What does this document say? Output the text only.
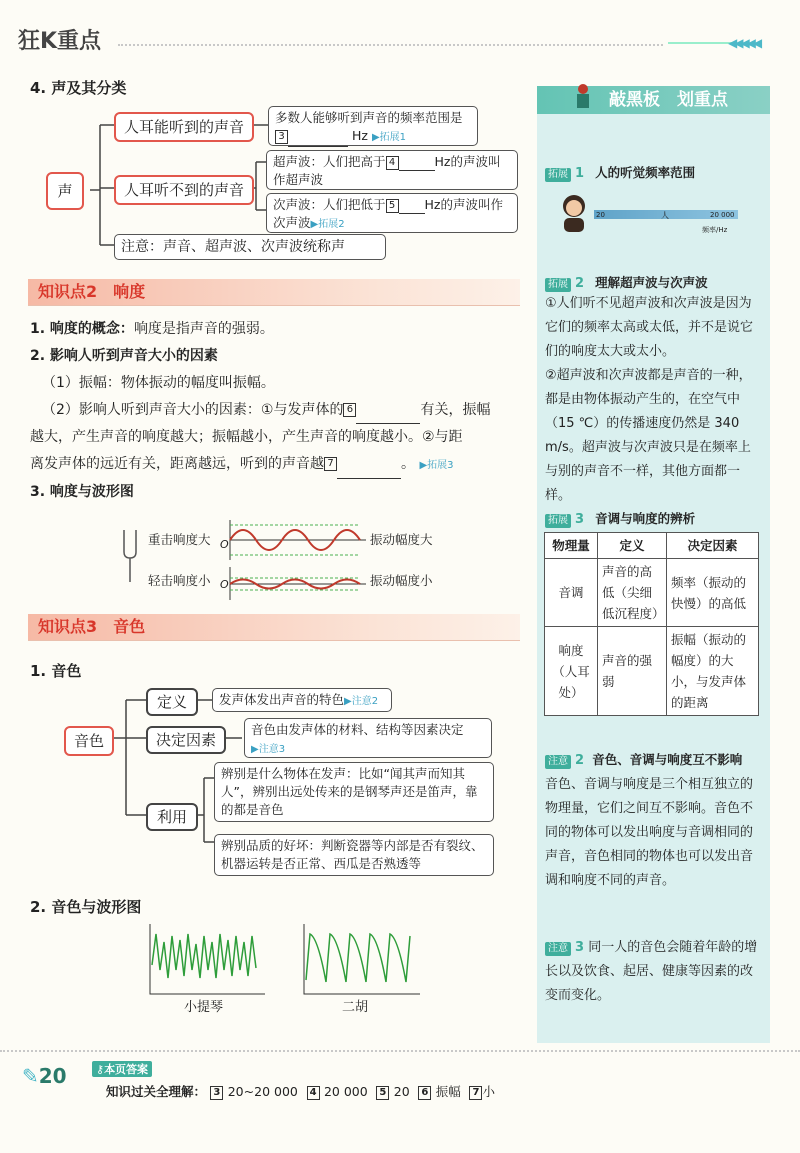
狂K重点	◀◀◀◀◀
4. 声及其分类
声
人耳能听到的声音
多数人能够听到声音的频率范围是
3	Hz ▶拓展1
人耳听不到的声音
超声波：人们把高于 4	Hz的声波叫作超声波
次声波：人们把低于 5 Hz的声波叫作次声波▶拓展2
注意：声音、超声波、次声波统称声
知识点2　响度
1. 响度的概念：响度是指声音的强弱。
2. 影响人听到声音大小的因素
（1）振幅：物体振动的幅度叫振幅。
（2）影响人听到声音大小的因素：①与发声体的 6	有关，振幅
越大，产生声音的响度越大；振幅越小，产生声音的响度越小。②与距
离发声体的远近有关，距离越远，听到的声音越 7	。 ▶拓展3
3. 响度与波形图
重击响度大
轻击响度小
振动幅度大
振动幅度小
O
O
知识点3　音色
1. 音色
音色
定义	发声体发出声音的特色▶注意2
决定因素
音色由发声体的材料、结构等因素决定
▶注意3
利用
辨别是什么物体在发声：比如“闻其声而知其人”，辨别出远处传来的是钢琴声还是笛声，靠的都是音色
辨别品质的好坏：判断瓷器等内部是否有裂纹、机器运转是否正常、西瓜是否熟透等
2. 音色与波形图
小提琴	二胡
敲黑板　划重点
拓展 1 人的听觉频率范围
20	人	20 000
频率/Hz
拓展 2 理解超声波与次声波
①人们听不见超声波和次声波是因为它们的频率太高或太低，并不是说它们的响度太大或太小。
②超声波和次声波都是声音的一种，都是由物体振动产生的，在空气中（15 ℃）的传播速度仍然是 340 m/s。超声波与次声波只是在频率上与别的声音不一样，其他方面都一样。
拓展 3 音调与响度的辨析
物理量	定义	决定因素
音调	声音的高低（尖细低沉程度）	频率（振动的快慢）的高低
响度（人耳处）	声音的强弱	振幅（振动的幅度）的大小，与发声体的距离
注意 2 音色、音调与响度互不影响
音色、音调与响度是三个相互独立的物理量，它们之间互不影响。音色不同的物体可以发出响度与音调相同的声音，音色相同的物体也可以发出音调和响度不同的声音。
注意 3 同一人的音色会随着年龄的增长以及饮食、起居、健康等因素的改变而变化。
✎20	⚷本页答案
知识过关全理解： 3 20~20 000 4 20 000 5 20 6 振幅 7 小
